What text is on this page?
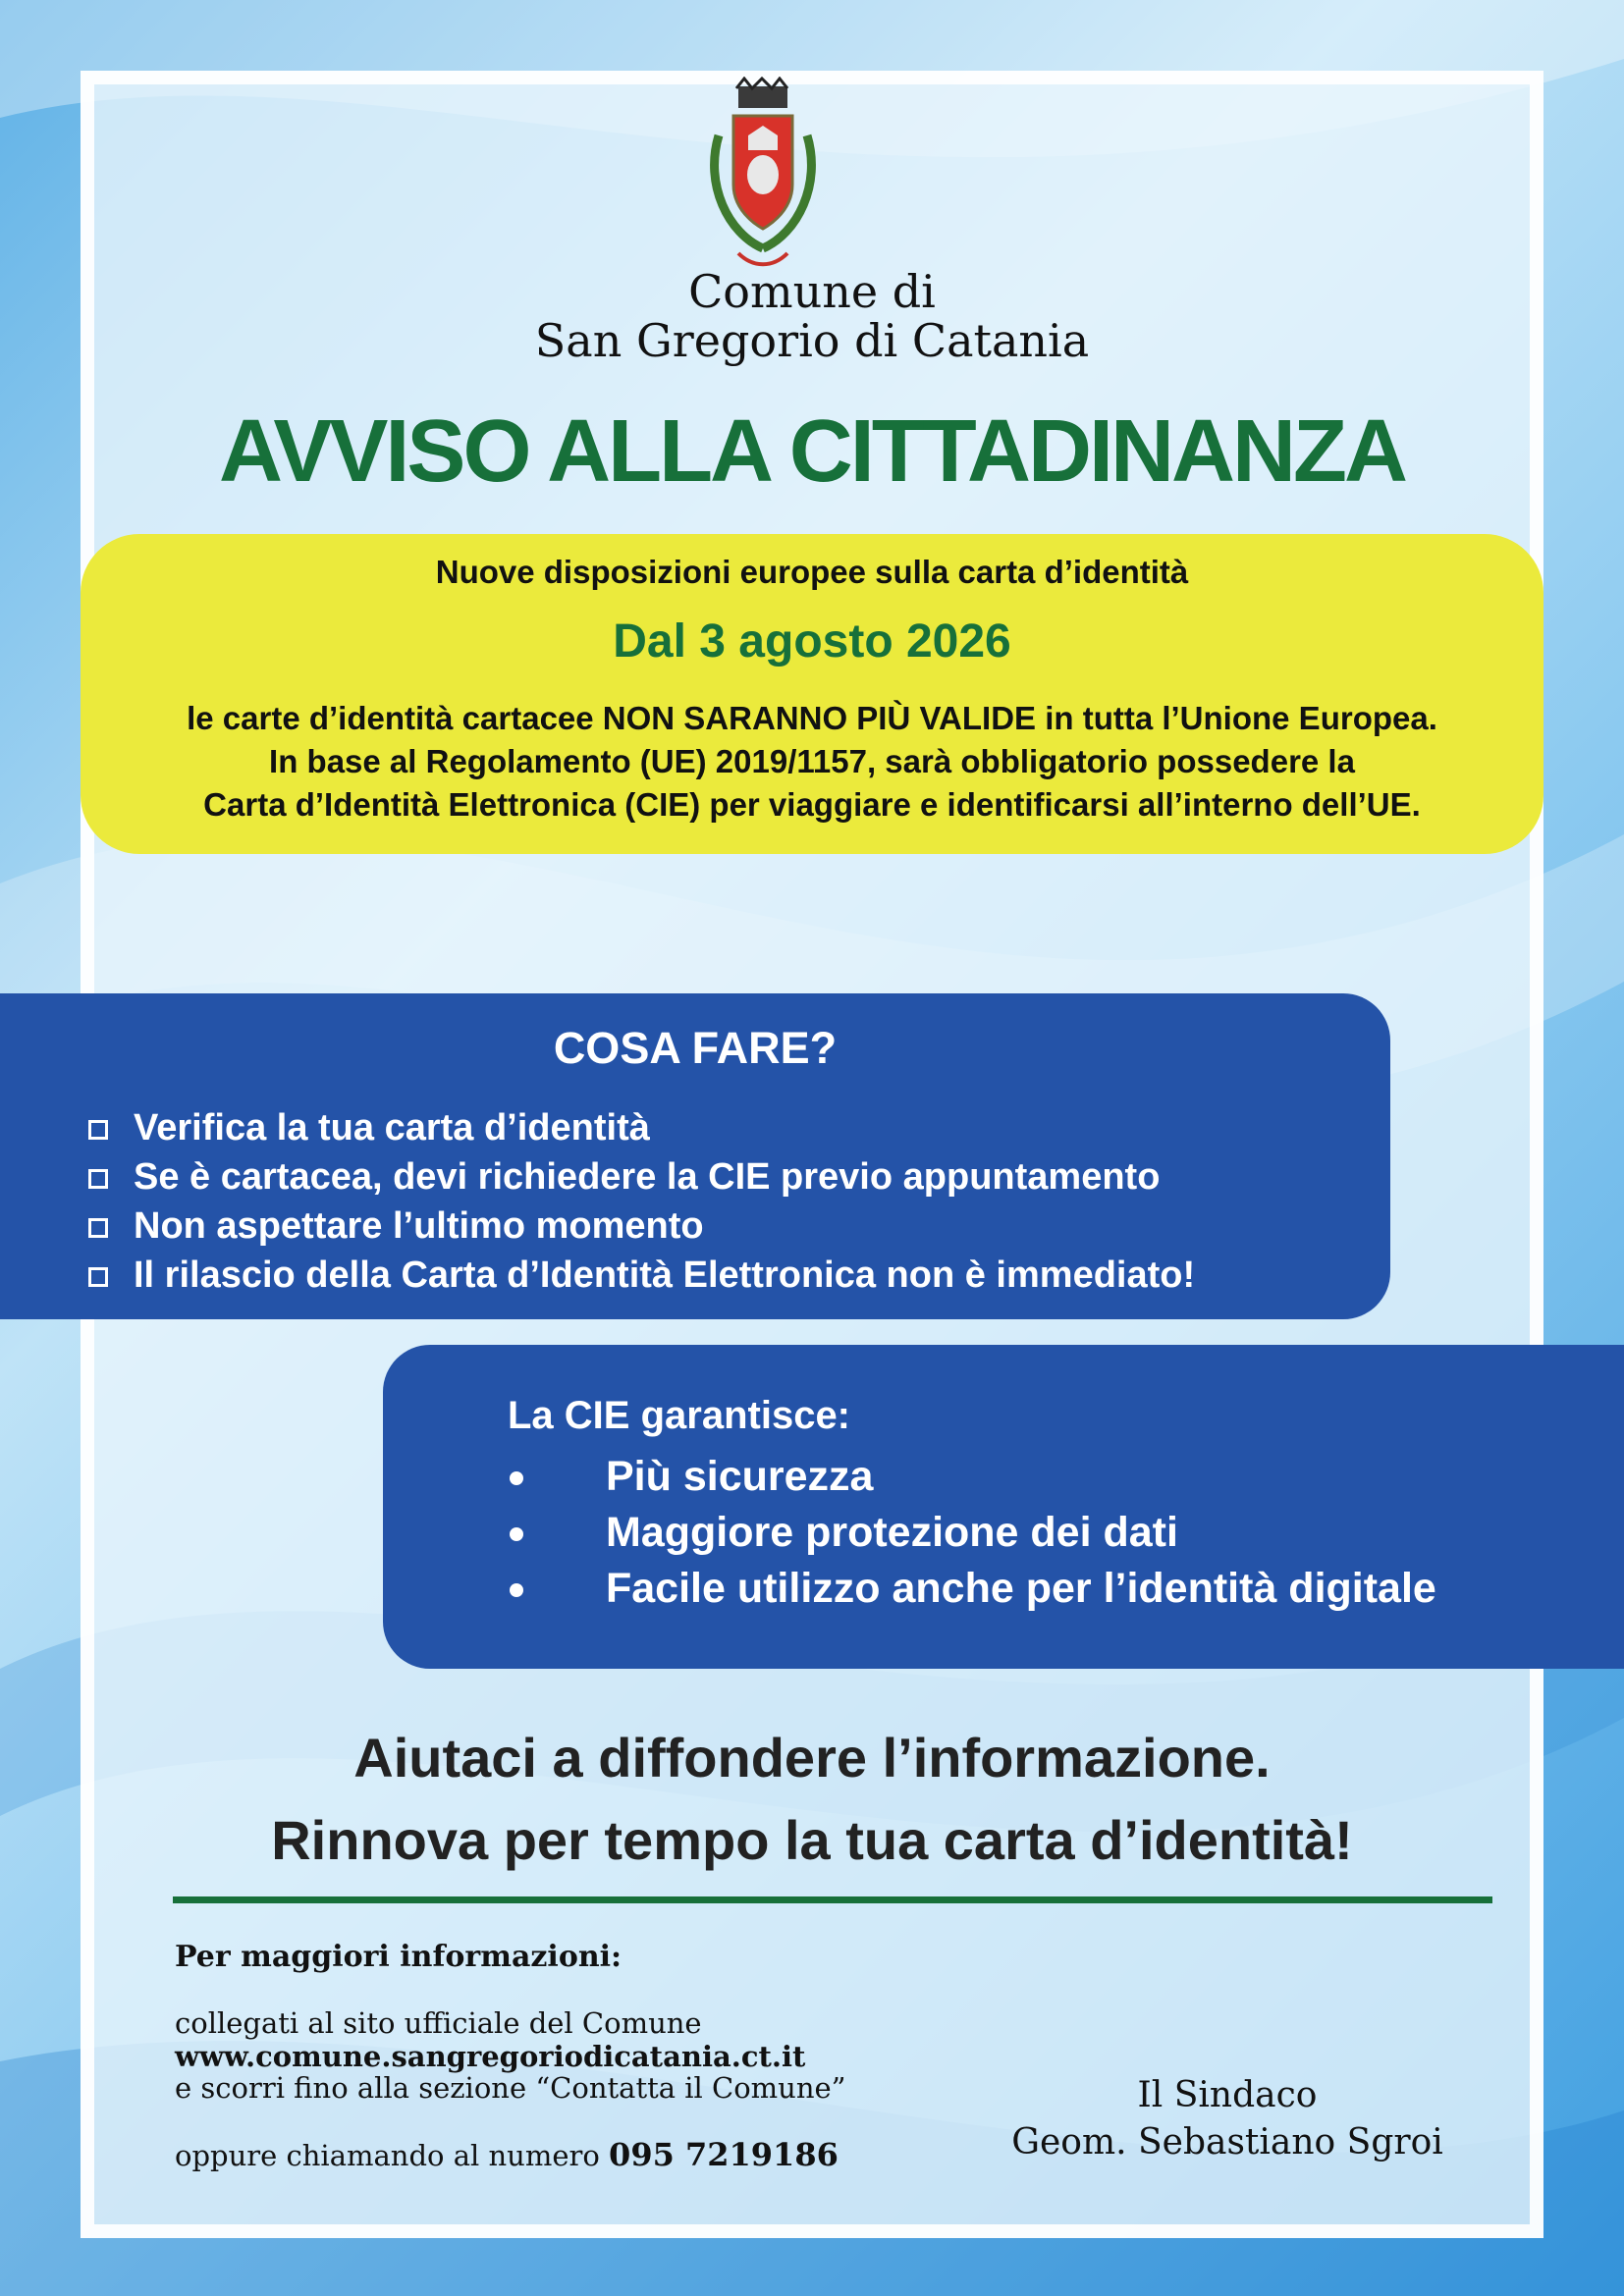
Comune di
San Gregorio di Catania
AVVISO ALLA CITTADINANZA
Nuove disposizioni europee sulla carta d’identità
Dal 3 agosto 2026
le carte d’identità cartacee NON SARANNO PIÙ VALIDE in tutta l’Unione Europea.
In base al Regolamento (UE) 2019/1157, sarà obbligatorio possedere la
Carta d’Identità Elettronica (CIE) per viaggiare e identificarsi all’interno dell’UE.
COSA FARE?
Verifica la tua carta d’identità
Se è cartacea, devi richiedere la CIE previo appuntamento
Non aspettare l’ultimo momento
Il rilascio della Carta d’Identità Elettronica non è immediato!
La CIE garantisce:
Più sicurezza
Maggiore protezione dei dati
Facile utilizzo anche per l’identità digitale
Aiutaci a diffondere l’informazione.
Rinnova per tempo la tua carta d’identità!
Per maggiori informazioni:
collegati al sito ufficiale del Comune
www.comune.sangregoriodicatania.ct.it
e scorri fino alla sezione “Contatta il Comune”
oppure chiamando al numero 095 7219186
Il Sindaco
Geom. Sebastiano Sgroi
